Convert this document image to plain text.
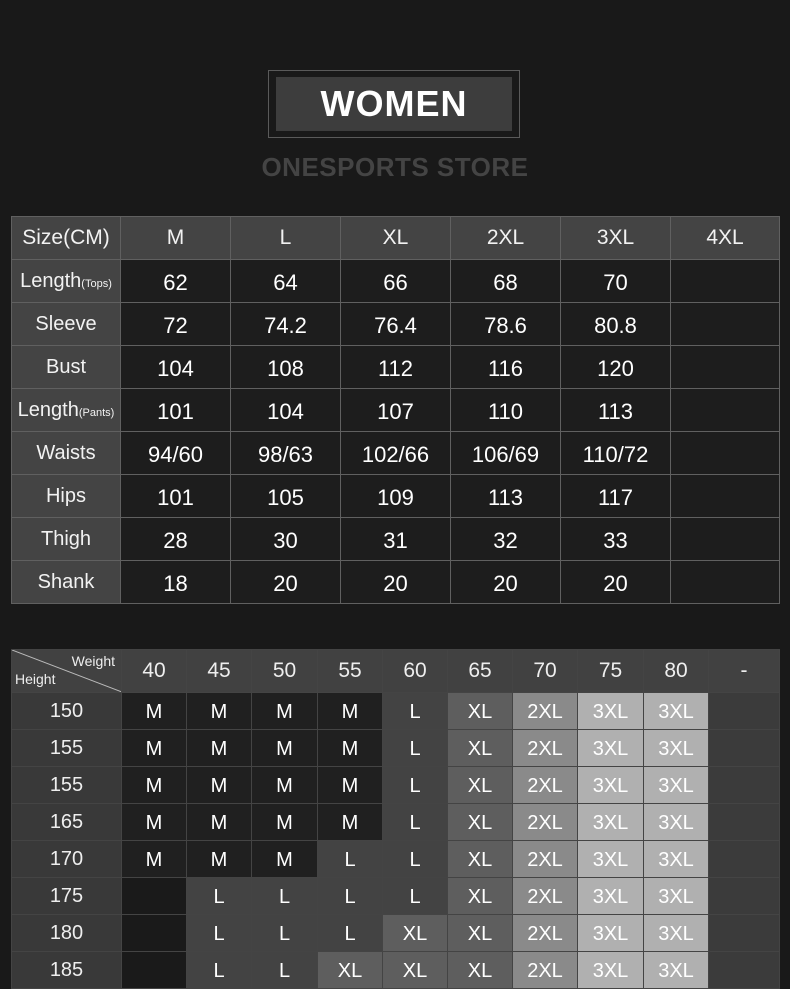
WOMEN
ONESPORTS STORE
Size(CM)	M	L	XL	2XL	3XL	4XL
Length(Tops)	62	64	66	68	70	
Sleeve	72	74.2	76.4	78.6	80.8	
Bust	104	108	112	116	120	
Length(Pants)	101	104	107	110	113	
Waists	94/60	98/63	102/66	106/69	110/72	
Hips	101	105	109	113	117	
Thigh	28	30	31	32	33	
Shank	18	20	20	20	20	
Weight
Height	40	45	50	55	60	65	70	75	80	-
150	M	M	M	M	L	XL	2XL	3XL	3XL	
155	M	M	M	M	L	XL	2XL	3XL	3XL	
155	M	M	M	M	L	XL	2XL	3XL	3XL	
165	M	M	M	M	L	XL	2XL	3XL	3XL	
170	M	M	M	L	L	XL	2XL	3XL	3XL	
175		L	L	L	L	XL	2XL	3XL	3XL	
180		L	L	L	XL	XL	2XL	3XL	3XL	
185		L	L	XL	XL	XL	2XL	3XL	3XL	
